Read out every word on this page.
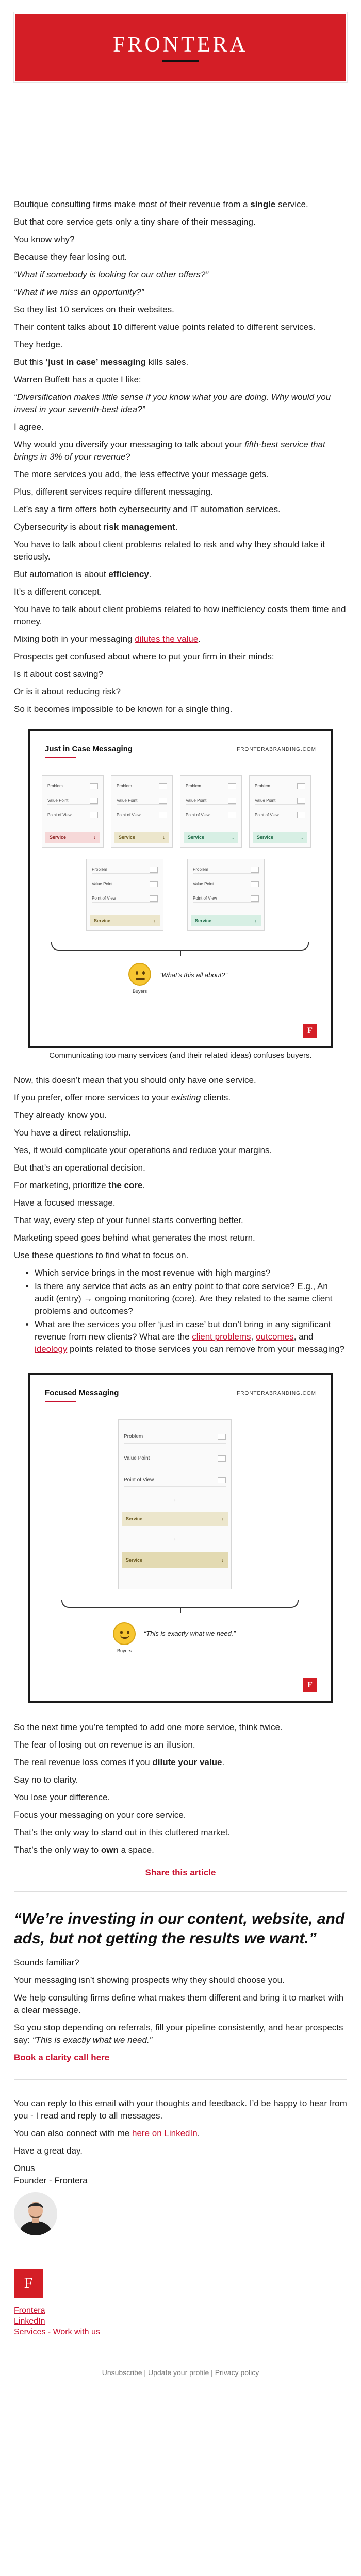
FRONTERA

Boutique consulting firms make most of their revenue from a single service.

But that core service gets only a tiny share of their messaging.

You know why?

Because they fear losing out.

“What if somebody is looking for our other offers?”

“What if we miss an opportunity?”

So they list 10 services on their websites.

Their content talks about 10 different value points related to different services.

They hedge.

But this ‘just in case’ messaging kills sales.

Warren Buffett has a quote I like:

“Diversification makes little sense if you know what you are doing. Why would you invest in your seventh-best idea?”

I agree.

Why would you diversify your messaging to talk about your fifth-best service that brings in 3% of your revenue?

The more services you add, the less effective your message gets.

Plus, different services require different messaging.

Let’s say a firm offers both cybersecurity and IT automation services.

Cybersecurity is about risk management.

You have to talk about client problems related to risk and why they should take it seriously.

But automation is about efficiency.

It’s a different concept.

You have to talk about client problems related to how inefficiency costs them time and money.

Mixing both in your messaging dilutes the value.

Prospects get confused about where to put your firm in their minds:

Is it about cost saving?

Or is it about reducing risk?

So it becomes impossible to be known for a single thing.

Just in Case Messaging	FRONTERABRANDING.COM
Problem
Value Point
Point of View
Service	↓
Problem
Value Point
Point of View
Service	↓
Problem
Value Point
Point of View
Service	↓
Problem
Value Point
Point of View
Service	↓
Problem
Value Point
Point of View
Service	↓
Problem
Value Point
Point of View
Service	↓
Buyers
“What’s this all about?”
F
Communicating too many services (and their related ideas) confuses buyers.

Now, this doesn’t mean that you should only have one service.

If you prefer, offer more services to your existing clients.

They already know you.

You have a direct relationship.

Yes, it would complicate your operations and reduce your margins.

But that’s an operational decision.

For marketing, prioritize the core.

Have a focused message.

That way, every step of your funnel starts converting better.

Marketing speed goes behind what generates the most return.

Use these questions to find what to focus on.

• Which service brings in the most revenue with high margins?
• Is there any service that acts as an entry point to that core service? E.g., An audit (entry) → ongoing monitoring (core). Are they related to the same client problems and outcomes?
• What are the services you offer ‘just in case’ but don’t bring in any significant revenue from new clients? What are the client problems, outcomes, and ideology points related to those services you can remove from your messaging?
Focused Messaging	FRONTERABRANDING.COM
Problem
Value Point
Point of View
↓
Service	↓
↓
Service	↓
Buyers
“This is exactly what we need.”
F

So the next time you’re tempted to add one more service, think twice.

The fear of losing out on revenue is an illusion.

The real revenue loss comes if you dilute your value.

Say no to clarity.

You lose your difference.

Focus your messaging on your core service.

That’s the only way to stand out in this cluttered market.

That’s the only way to own a space.

Share this article
“We’re investing in our content, website, and ads, but not getting the results we want.”

Sounds familiar?

Your messaging isn’t showing prospects why they should choose you.

We help consulting firms define what makes them different and bring it to market with a clear message.

So you stop depending on referrals, fill your pipeline consistently, and hear prospects say: “This is exactly what we need.”

Book a clarity call here

You can reply to this email with your thoughts and feedback. I’d be happy to hear from you - I read and reply to all messages.

You can also connect with me here on LinkedIn.

Have a great day.

Onus

Founder - Frontera

F
Frontera
LinkedIn
Services - Work with us
Unsubscribe | Update your profile | Privacy policy
